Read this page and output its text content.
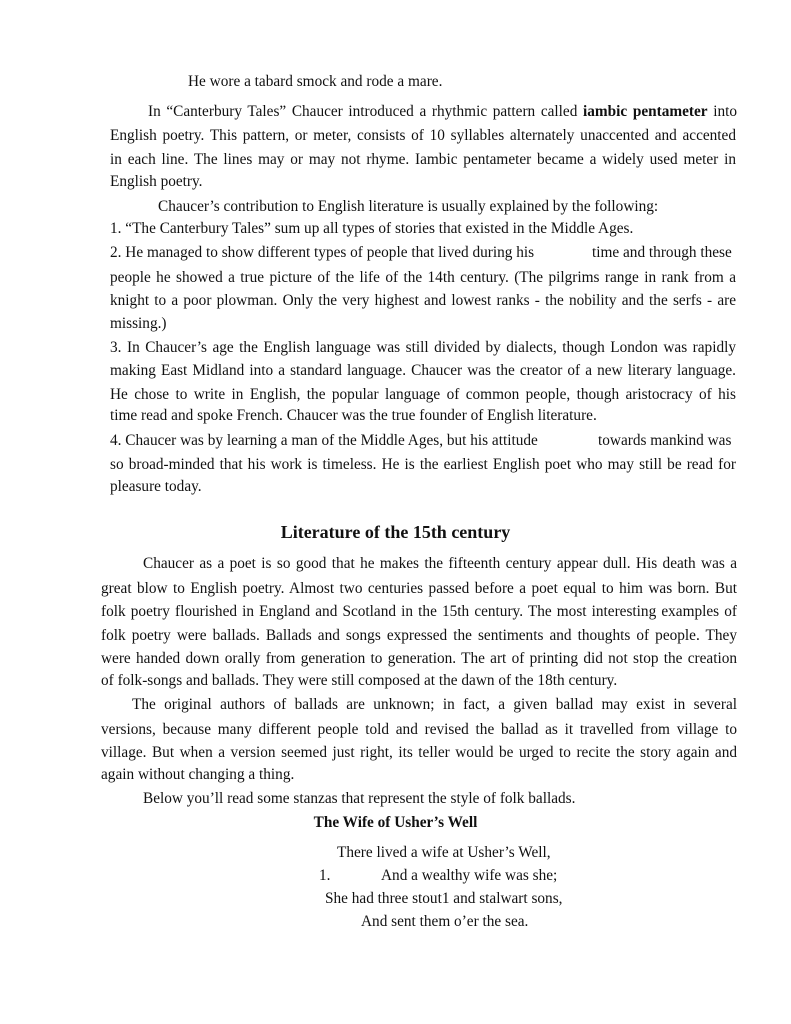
He wore a tabard smock and rode a mare.
In “Canterbury Tales” Chaucer introduced a rhythmic pattern called iambic pentameter into
English poetry. This pattern, or meter, consists of 10 syllables alternately unaccented and accented
in each line. The lines may or may not rhyme. Iambic pentameter became a widely used meter in
English poetry.
Chaucer’s contribution to English literature is usually explained by the following:
1. “The Canterbury Tales” sum up all types of stories that existed in the Middle Ages.
2. He managed to show different types of people that lived during his	time and through these
people he showed a true picture of the life of the 14th century. (The pilgrims range in rank from a
knight to a poor plowman. Only the very highest and lowest ranks - the nobility and the serfs - are
missing.)
3. In Chaucer’s age the English language was still divided by dialects, though London was rapidly
making East Midland into a standard language. Chaucer was the creator of a new literary language.
He chose to write in English, the popular language of common people, though aristocracy of his
time read and spoke French. Chaucer was the true founder of English literature.
4. Chaucer was by learning a man of the Middle Ages, but his attitude	towards mankind was
so broad-minded that his work is timeless. He is the earliest English poet who may still be read for
pleasure today.
Literature of the 15th century
Chaucer as a poet is so good that he makes the fifteenth century appear dull. His death was a
great blow to English poetry. Almost two centuries passed before a poet equal to him was born. But
folk poetry flourished in England and Scotland in the 15th century. The most interesting examples of
folk poetry were ballads. Ballads and songs expressed the sentiments and thoughts of people. They
were handed down orally from generation to generation. The art of printing did not stop the creation
of folk-songs and ballads. They were still composed at the dawn of the 18th century.
The original authors of ballads are unknown; in fact, a given ballad may exist in several
versions, because many different people told and revised the ballad as it travelled from village to
village. But when a version seemed just right, its teller would be urged to recite the story again and
again without changing a thing.
Below you’ll read some stanzas that represent the style of folk ballads.
The Wife of Usher’s Well
There lived a wife at Usher’s Well,
1.	And a wealthy wife was she;
She had three stout1 and stalwart sons,
And sent them o’er the sea.
